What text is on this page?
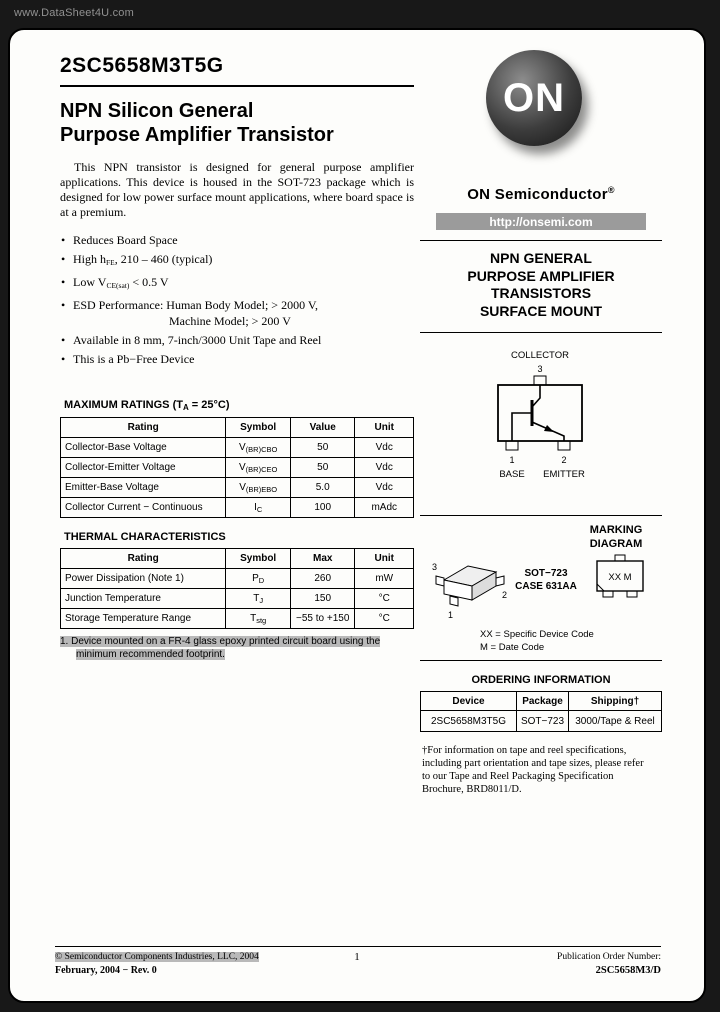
www.DataSheet4U.com
2SC5658M3T5G
NPN Silicon General
Purpose Amplifier Transistor

This NPN transistor is designed for general purpose amplifier applications. This device is housed in the SOT-723 package which is designed for low power surface mount applications, where board space is at a premium.

• Reduces Board Space
• High $h_{FE}$, 210 – 460 (typical)
• Low $V_{CE(sat)} < 0.5$ V
• ESD Performance: Human Body Model; > 2000 V,
Machine Model; > 200 V
• Available in 8 mm, 7-inch/3000 Unit Tape and Reel
• This is a Pb−Free Device
MAXIMUM RATINGS (TA = 25°C)
Rating	Symbol	Value	Unit
Collector-Base Voltage	$V_{(BR)CBO}$	50	Vdc
Collector-Emitter Voltage	$V_{(BR)CEO}$	50	Vdc
Emitter-Base Voltage	$V_{(BR)EBO}$	5.0	Vdc
Collector Current − Continuous	$I_C$	100	mAdc
THERMAL CHARACTERISTICS
Rating	Symbol	Max	Unit
Power Dissipation (Note 1)	$P_D$	260	mW
Junction Temperature	$T_J$	150	°C
Storage Temperature Range	$T_{stg}$	−55 to +150	°C
1. Device mounted on a FR-4 glass epoxy printed circuit board using the
minimum recommended footprint.
ON
ON Semiconductor®
http://onsemi.com
NPN GENERAL
PURPOSE AMPLIFIER
TRANSISTORS
SURFACE MOUNT
COLLECTOR
3
1	2
BASE EMITTER
MARKING
DIAGRAM
3
1
2
SOT−723
CASE 631AA
XX M
XX = Specific Device Code
M = Date Code
ORDERING INFORMATION
Device	Package	Shipping†
2SC5658M3T5G	SOT−723	3000/Tape & Reel

†For information on tape and reel specifications, including part orientation and tape sizes, please refer to our Tape and Reel Packaging Specification Brochure, BRD8011/D.

© Semiconductor Components Industries, LLC, 2004
February, 2004 − Rev. 0
1	Publication Order Number:
2SC5658M3/D
